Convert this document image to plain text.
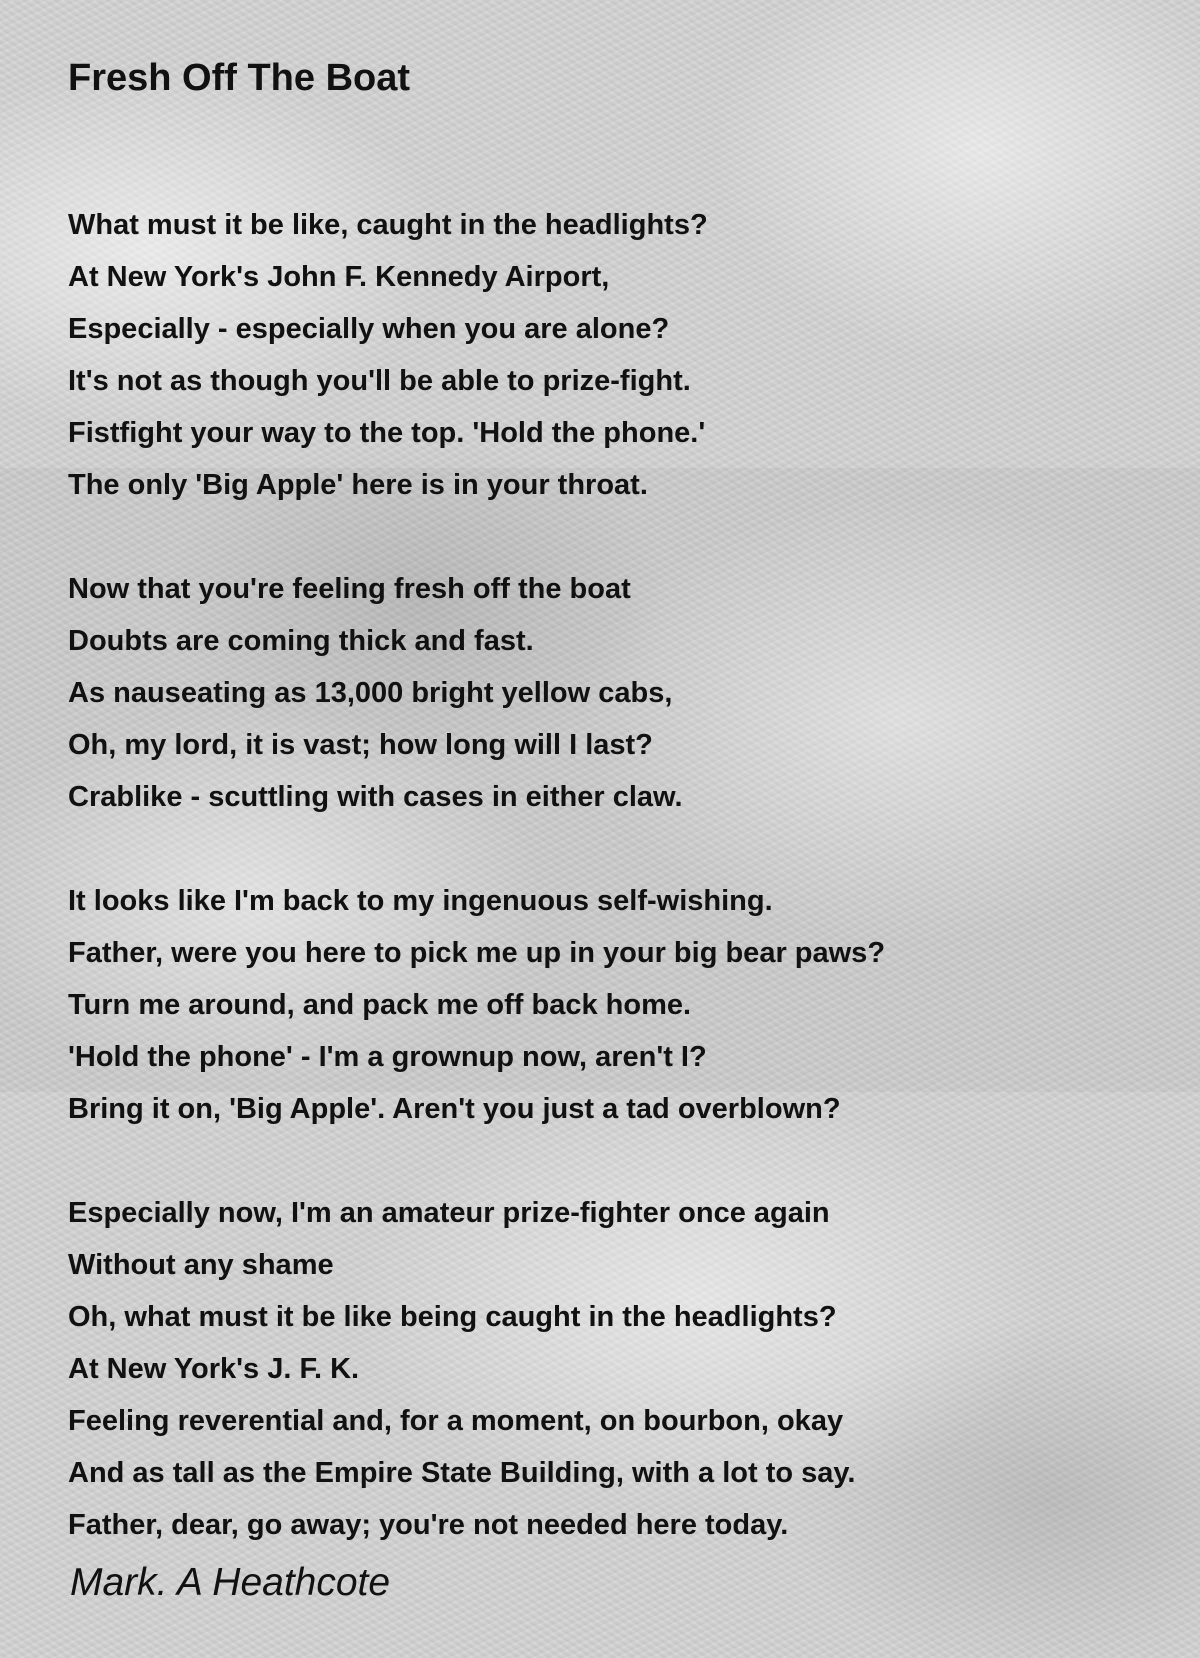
Fresh Off The Boat

What must it be like, caught in the headlights?

At New York's John F. Kennedy Airport,

Especially - especially when you are alone?

It's not as though you'll be able to prize-fight.

Fistfight your way to the top. 'Hold the phone.'

The only 'Big Apple' here is in your throat.

Now that you're feeling fresh off the boat

Doubts are coming thick and fast.

As nauseating as 13,000 bright yellow cabs,

Oh, my lord, it is vast; how long will I last?

Crablike - scuttling with cases in either claw.

It looks like I'm back to my ingenuous self-wishing.

Father, were you here to pick me up in your big bear paws?

Turn me around, and pack me off back home.

'Hold the phone' - I'm a grownup now, aren't I?

Bring it on, 'Big Apple'. Aren't you just a tad overblown?

Especially now, I'm an amateur prize-fighter once again

Without any shame

Oh, what must it be like being caught in the headlights?

At New York's J. F. K.

Feeling reverential and, for a moment, on bourbon, okay

And as tall as the Empire State Building, with a lot to say.

Father, dear, go away; you're not needed here today.

Mark. A Heathcote
